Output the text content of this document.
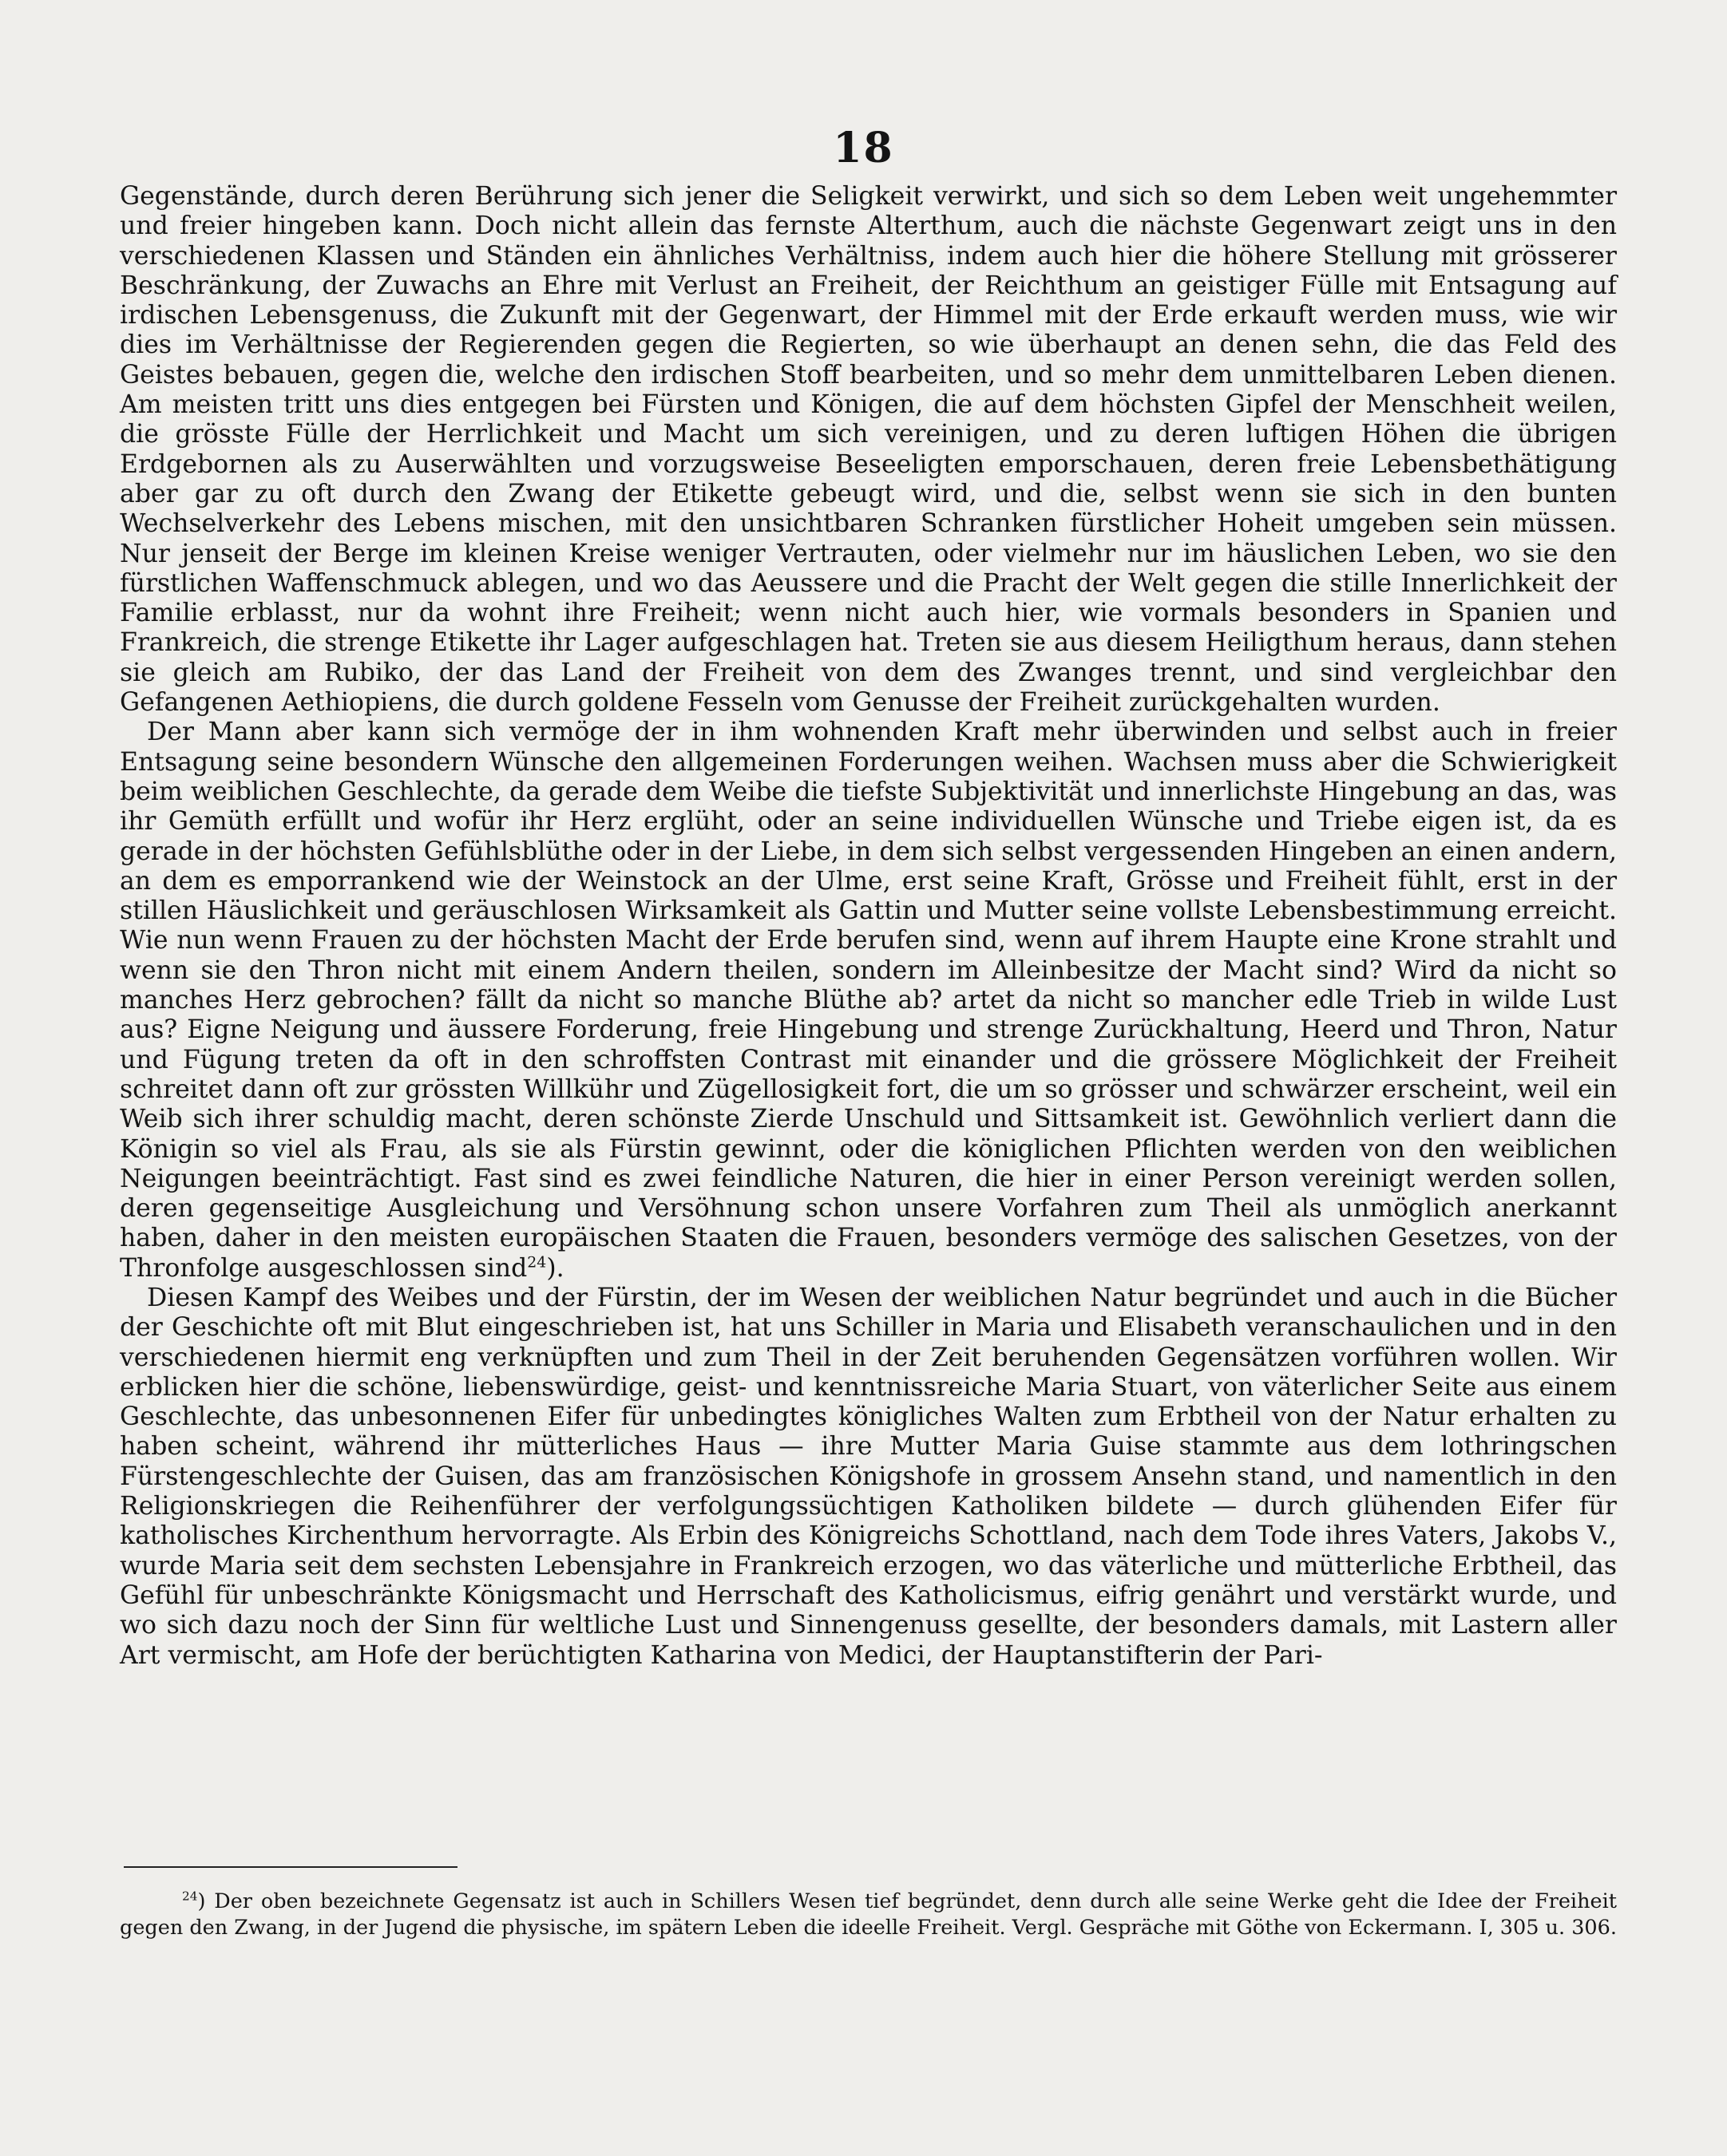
18

Gegenstände, durch deren Berührung sich jener die Seligkeit verwirkt, und sich so dem Leben weit ungehemmter und freier hingeben kann. Doch nicht allein das fernste Alterthum, auch die nächste Gegenwart zeigt uns in den verschiedenen Klassen und Ständen ein ähnliches Verhältniss, indem auch hier die höhere Stellung mit grösserer Beschränkung, der Zuwachs an Ehre mit Verlust an Freiheit, der Reichthum an geistiger Fülle mit Entsagung auf irdischen Lebensgenuss, die Zukunft mit der Gegenwart, der Himmel mit der Erde erkauft werden muss, wie wir dies im Verhältnisse der Regierenden gegen die Regierten, so wie überhaupt an denen sehn, die das Feld des Geistes bebauen, gegen die, welche den irdischen Stoff bearbeiten, und so mehr dem unmittelbaren Leben dienen. Am meisten tritt uns dies entgegen bei Fürsten und Königen, die auf dem höchsten Gipfel der Menschheit weilen, die grösste Fülle der Herrlichkeit und Macht um sich vereinigen, und zu deren luftigen Höhen die übrigen Erdgebornen als zu Auserwählten und vorzugsweise Beseeligten emporschauen, deren freie Lebensbethätigung aber gar zu oft durch den Zwang der Etikette gebeugt wird, und die, selbst wenn sie sich in den bunten Wechselverkehr des Lebens mischen, mit den unsichtbaren Schranken fürstlicher Hoheit umgeben sein müssen. Nur jenseit der Berge im kleinen Kreise weniger Vertrauten, oder vielmehr nur im häuslichen Leben, wo sie den fürstlichen Waffenschmuck ablegen, und wo das Aeussere und die Pracht der Welt gegen die stille Innerlichkeit der Familie erblasst, nur da wohnt ihre Freiheit; wenn nicht auch hier, wie vormals besonders in Spanien und Frankreich, die strenge Etikette ihr Lager aufgeschlagen hat. Treten sie aus diesem Heiligthum heraus, dann stehen sie gleich am Rubiko, der das Land der Freiheit von dem des Zwanges trennt, und sind vergleichbar den Gefangenen Aethiopiens, die durch goldene Fesseln vom Genusse der Freiheit zurückgehalten wurden.

Der Mann aber kann sich vermöge der in ihm wohnenden Kraft mehr überwinden und selbst auch in freier Entsagung seine besondern Wünsche den allgemeinen Forderungen weihen. Wachsen muss aber die Schwierigkeit beim weiblichen Geschlechte, da gerade dem Weibe die tiefste Subjektivität und innerlichste Hingebung an das, was ihr Gemüth erfüllt und wofür ihr Herz erglüht, oder an seine individuellen Wünsche und Triebe eigen ist, da es gerade in der höchsten Gefühlsblüthe oder in der Liebe, in dem sich selbst vergessenden Hingeben an einen andern, an dem es emporrankend wie der Weinstock an der Ulme, erst seine Kraft, Grösse und Freiheit fühlt, erst in der stillen Häuslichkeit und geräuschlosen Wirksamkeit als Gattin und Mutter seine vollste Lebensbestimmung erreicht. Wie nun wenn Frauen zu der höchsten Macht der Erde berufen sind, wenn auf ihrem Haupte eine Krone strahlt und wenn sie den Thron nicht mit einem Andern theilen, sondern im Alleinbesitze der Macht sind? Wird da nicht so manches Herz gebrochen? fällt da nicht so manche Blüthe ab? artet da nicht so mancher edle Trieb in wilde Lust aus? Eigne Neigung und äussere Forderung, freie Hingebung und strenge Zurückhaltung, Heerd und Thron, Natur und Fügung treten da oft in den schroffsten Contrast mit einander und die grössere Möglichkeit der Freiheit schreitet dann oft zur grössten Willkühr und Zügellosigkeit fort, die um so grösser und schwärzer erscheint, weil ein Weib sich ihrer schuldig macht, deren schönste Zierde Unschuld und Sittsamkeit ist. Gewöhnlich verliert dann die Königin so viel als Frau, als sie als Fürstin gewinnt, oder die königlichen Pflichten werden von den weiblichen Neigungen beeinträchtigt. Fast sind es zwei feindliche Naturen, die hier in einer Person vereinigt werden sollen, deren gegenseitige Ausgleichung und Versöhnung schon unsere Vorfahren zum Theil als unmöglich anerkannt haben, daher in den meisten europäischen Staaten die Frauen, besonders vermöge des salischen Gesetzes, von der Thronfolge ausgeschlossen sind$^{24}$).

Diesen Kampf des Weibes und der Fürstin, der im Wesen der weiblichen Natur begründet und auch in die Bücher der Geschichte oft mit Blut eingeschrieben ist, hat uns Schiller in Maria und Elisabeth veranschaulichen und in den verschiedenen hiermit eng verknüpften und zum Theil in der Zeit beruhenden Gegensätzen vorführen wollen. Wir erblicken hier die schöne, liebenswürdige, geist- und kenntnissreiche Maria Stuart, von väterlicher Seite aus einem Geschlechte, das unbesonnenen Eifer für unbedingtes königliches Walten zum Erbtheil von der Natur erhalten zu haben scheint, während ihr mütterliches Haus — ihre Mutter Maria Guise stammte aus dem lothringschen Fürstengeschlechte der Guisen, das am französischen Königshofe in grossem Ansehn stand, und namentlich in den Religionskriegen die Reihenführer der verfolgungssüchtigen Katholiken bildete — durch glühenden Eifer für katholisches Kirchenthum hervorragte. Als Erbin des Königreichs Schottland, nach dem Tode ihres Vaters, Jakobs V., wurde Maria seit dem sechsten Lebensjahre in Frankreich erzogen, wo das väterliche und mütterliche Erbtheil, das Gefühl für unbeschränkte Königsmacht und Herrschaft des Katholicismus, eifrig genährt und verstärkt wurde, und wo sich dazu noch der Sinn für weltliche Lust und Sinnengenuss gesellte, der besonders damals, mit Lastern aller Art vermischt, am Hofe der berüchtigten Katharina von Medici, der Hauptanstifterin der Pari-

$^{24}$) Der oben bezeichnete Gegensatz ist auch in Schillers Wesen tief begründet, denn durch alle seine Werke geht die Idee der Freiheit gegen den Zwang, in der Jugend die physische, im spätern Leben die ideelle Freiheit. Vergl. Gespräche mit Göthe von Eckermann. I, 305 u. 306.
